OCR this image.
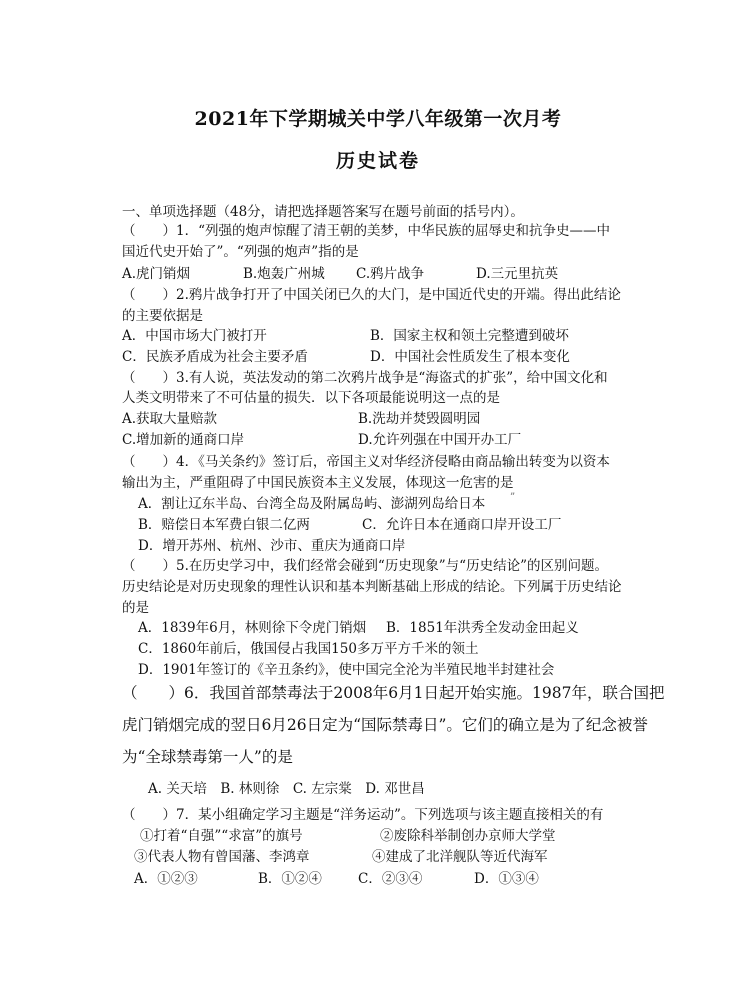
2021年下学期城关中学八年级第一次月考
历史试卷
一、单项选择题（48分，请把选择题答案写在题号前面的括号内）。
（　　）1．“列强的炮声惊醒了清王朝的美梦，中华民族的屈辱史和抗争史——中
国近代史开始了”。“列强的炮声”指的是
A.虎门销烟	B.炮轰广州城 C.鸦片战争	D.三元里抗英
（　　）2.鸦片战争打开了中国关闭已久的大门，是中国近代史的开端。得出此结论
的主要依据是
A．中国市场大门被打开	B．国家主权和领土完整遭到破坏
C．民族矛盾成为社会主要矛盾	D．中国社会性质发生了根本变化
（　　）3.有人说，英法发动的第二次鸦片战争是“海盗式的扩张”，给中国文化和
人类文明带来了不可估量的损失．以下各项最能说明这一点的是
A.获取大量赔款	B.洗劫并焚毁圆明园
C.增加新的通商口岸	D.允许列强在中国开办工厂
（　　）4．《马关条约》签订后，帝国主义对华经济侵略由商品输出转变为以资本
输出为主，严重阻碍了中国民族资本主义发展，体现这一危害的是
A．割让辽东半岛、台湾全岛及附属岛屿、澎湖列岛给日本 ”
B．赔偿日本军费白银二亿两	C．允许日本在通商口岸开设工厂
D．增开苏州、杭州、沙市、重庆为通商口岸
（　　）5.在历史学习中，我们经常会碰到“历史现象”与“历史结论”的区别问题。
历史结论是对历史现象的理性认识和基本判断基础上形成的结论。下列属于历史结论
的是
A．1839年6月，林则徐下令虎门销烟 B．1851年洪秀全发动金田起义
C．1860年前后，俄国侵占我国150多万平方千米的领土
D．1901年签订的《辛丑条约》，使中国完全沦为半殖民地半封建社会
（　　）6．我国首部禁毒法于2008年6月1日起开始实施。1987年，联合国把
虎门销烟完成的翌日6月26日定为“国际禁毒日”。它们的确立是为了纪念被誉
为“全球禁毒第一人”的是
A. 关天培　B. 林则徐　C. 左宗棠　D. 邓世昌
（　　）7．某小组确定学习主题是“洋务运动”。下列选项与该主题直接相关的有
①打着“自强”“求富”的旗号	②废除科举制创办京师大学堂
③代表人物有曾国藩、李鸿章	④建成了北洋舰队等近代海军
A．①②③	B．①②④	C．②③④	D．①③④
